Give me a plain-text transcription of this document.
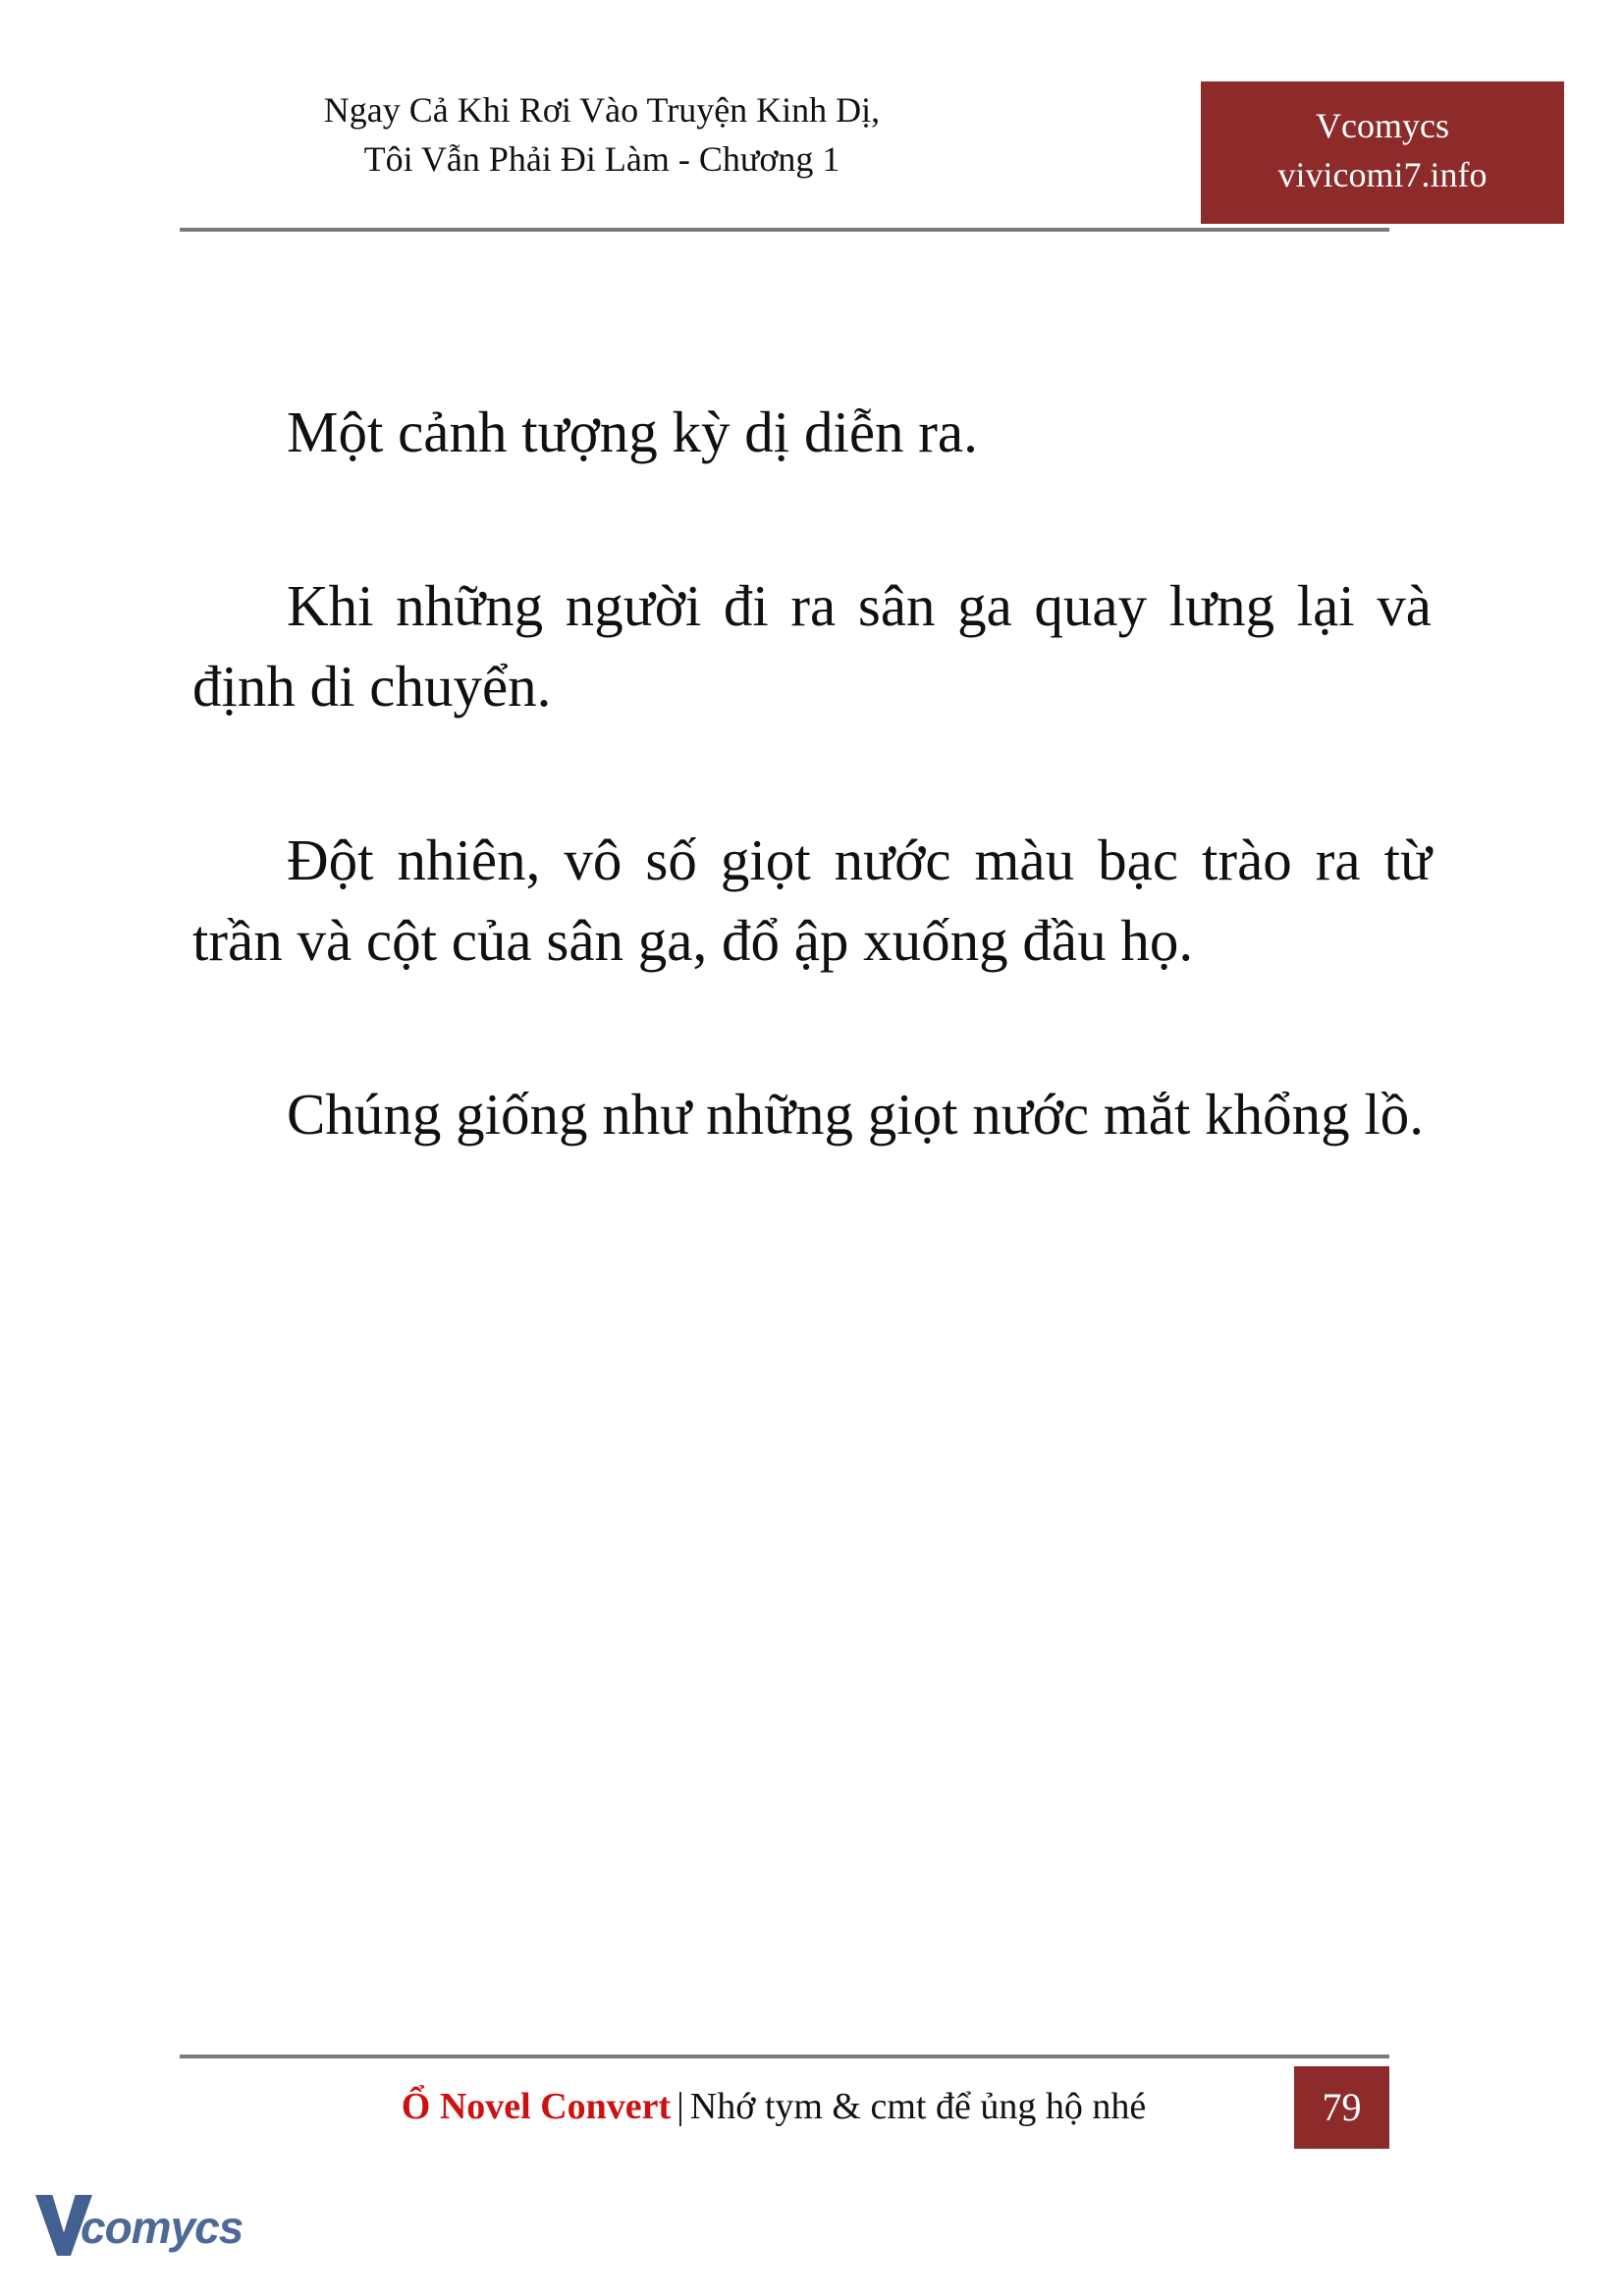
Ngay Cả Khi Rơi Vào Truyện Kinh Dị,
Tôi Vẫn Phải Đi Làm - Chương 1
Vcomycs
vivicomi7.info

Một cảnh tượng kỳ dị diễn ra.

Khi những người đi ra sân ga quay lưng lại và định di chuyển.

Đột nhiên, vô số giọt nước màu bạc trào ra từ trần và cột của sân ga, đổ ập xuống đầu họ.

Chúng giống như những giọt nước mắt khổng lồ.

Ổ Novel Convert | Nhớ tym & cmt để ủng hộ nhé	79
comycs
